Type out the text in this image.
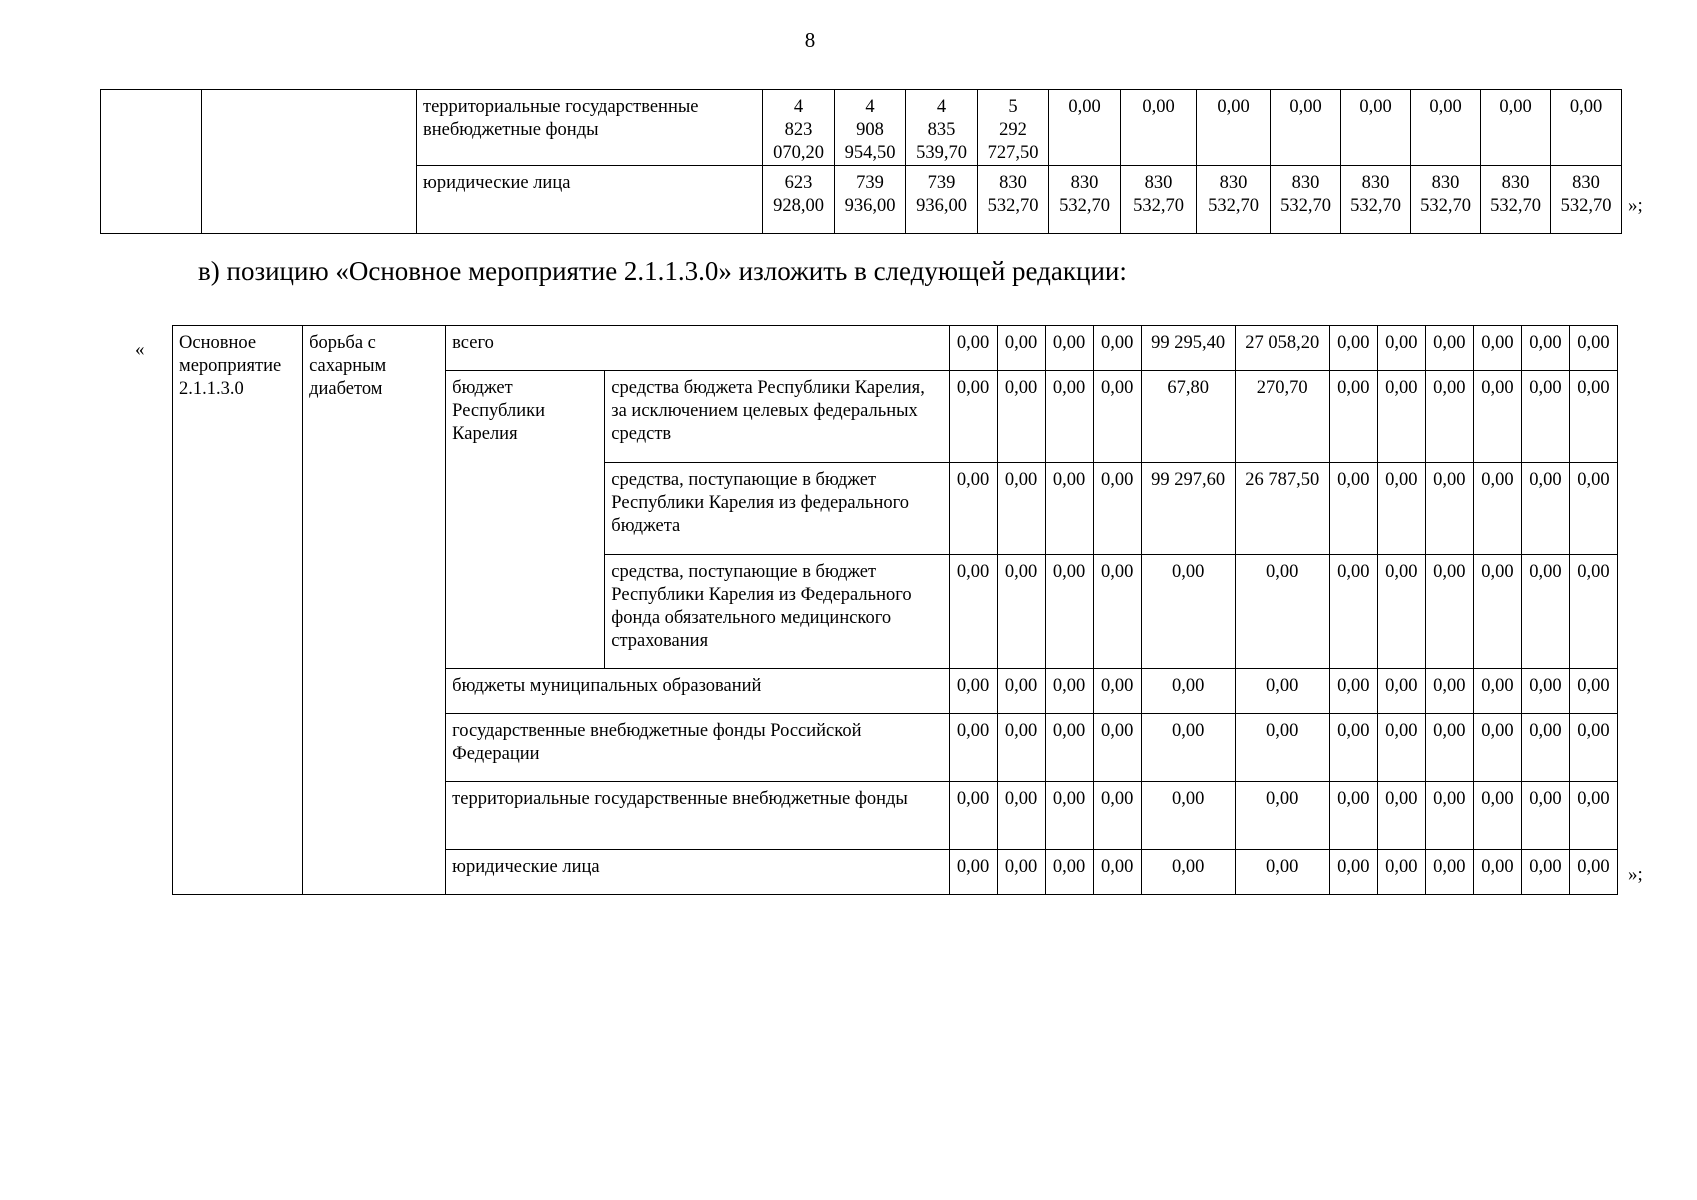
8
		территориальные государственные внебюджетные фонды	4 823 070,20	4 908 954,50	4 835 539,70	5 292 727,50	0,00	0,00	0,00	0,00	0,00	0,00	0,00	0,00
		юридические лица	623 928,00	739 936,00	739 936,00	830 532,70	830 532,70	830 532,70	830 532,70	830 532,70	830 532,70	830 532,70	830 532,70	830 532,70 »;
в) позицию «Основное мероприятие 2.1.1.3.0» изложить в следующей редакции:
« Основное мероприятие 2.1.1.3.0	борьба с сахарным диабетом	всего		0,00	0,00	0,00	0,00	99 295,40	27 058,20	0,00	0,00	0,00	0,00	0,00	0,00
		бюджет Республики Карелия	средства бюджета Республики Карелия, за исключением целевых федеральных средств	0,00	0,00	0,00	0,00	67,80	270,70	0,00	0,00	0,00	0,00	0,00	0,00
			средства, поступающие в бюджет Республики Карелия из федерального бюджета	0,00	0,00	0,00	0,00	99 297,60	26 787,50	0,00	0,00	0,00	0,00	0,00	0,00
			средства, поступающие в бюджет Республики Карелия из Федерального фонда обязательного медицинского страхования	0,00	0,00	0,00	0,00	0,00	0,00	0,00	0,00	0,00	0,00	0,00	0,00
		бюджеты муниципальных образований		0,00	0,00	0,00	0,00	0,00	0,00	0,00	0,00	0,00	0,00	0,00	0,00
		государственные внебюджетные фонды Российской Федерации		0,00	0,00	0,00	0,00	0,00	0,00	0,00	0,00	0,00	0,00	0,00	0,00
		территориальные государственные внебюджетные фонды		0,00	0,00	0,00	0,00	0,00	0,00	0,00	0,00	0,00	0,00	0,00	0,00
		юридические лица		0,00	0,00	0,00	0,00	0,00	0,00	0,00	0,00	0,00	0,00	0,00	0,00 »;
